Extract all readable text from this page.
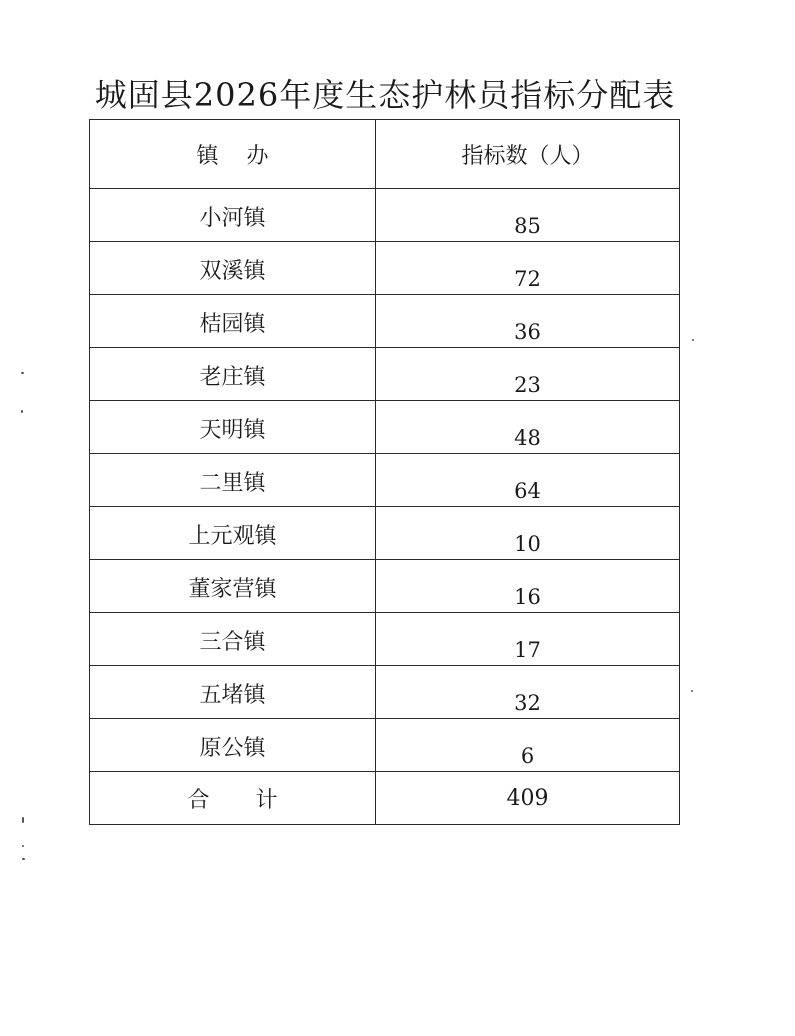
城固县2026年度生态护林员指标分配表
镇办	指标数（人）
小河镇	85
双溪镇	72
桔园镇	36
老庄镇	23
天明镇	48
二里镇	64
上元观镇	10
董家营镇	16
三合镇	17
五堵镇	32
原公镇	6
合计	409
